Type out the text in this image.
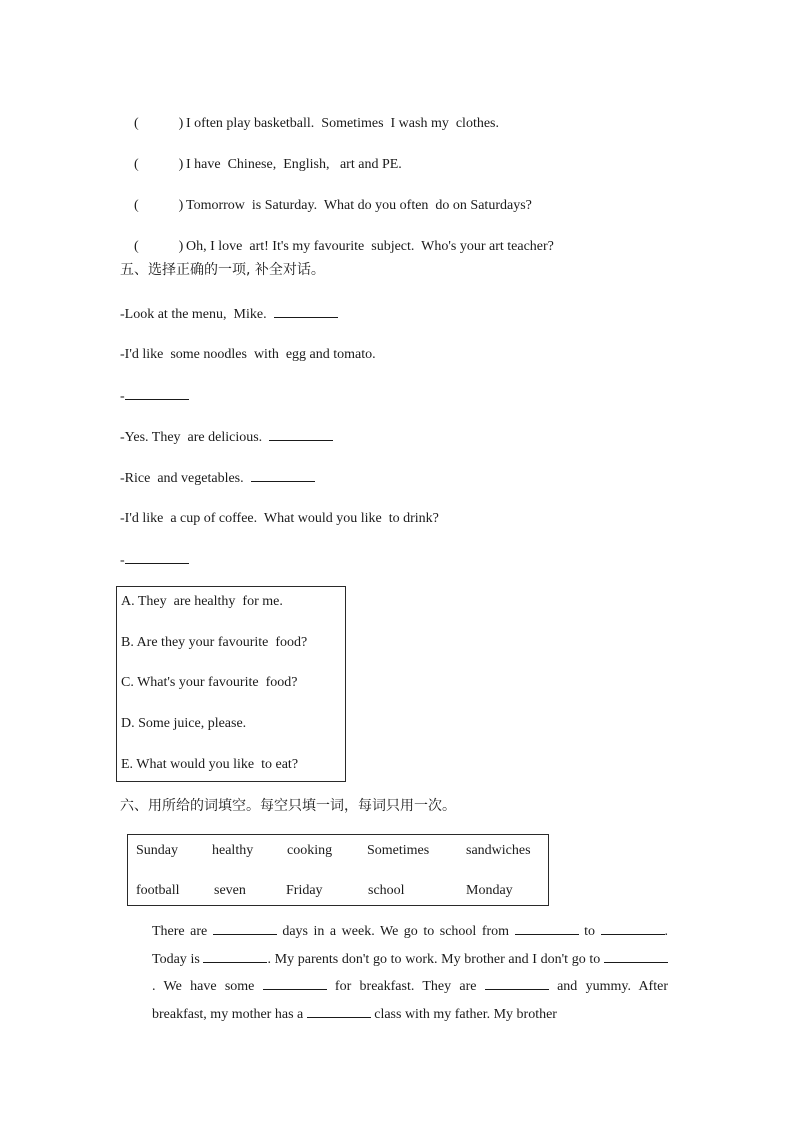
(	) I often play basketball.  Sometimes  I wash my  clothes.

(	) I have  Chinese,  English,   art and PE.

(	) Tomorrow  is Saturday.  What do you often  do on Saturdays?

(	) Oh, I love  art! It's my favourite  subject.  Who's your art teacher?

五、选择正确的一项, 补全对话。
-Look at the menu,  Mike.
-I'd like  some noodles  with  egg and tomato.
-
-Yes. They  are delicious.
-Rice  and vegetables.
-I'd like  a cup of coffee.  What would you like  to drink?
-
A. They  are healthy  for me.
B. Are they your favourite  food?
C. What's your favourite  food?
D. Some juice, please.
E. What would you like  to eat?
六、用所给的词填空。每空只填一词，每词只用一次。
Sunday healthy cooking Sometimes	sandwiches
football seven	Friday	school	Monday

There are	days in a week. We go to school from	to	. Today is	. My parents don't go to work. My brother and I don't go to . We have some	for breakfast. They are	and yummy. After breakfast, my mother has a	class with my father. My brother
